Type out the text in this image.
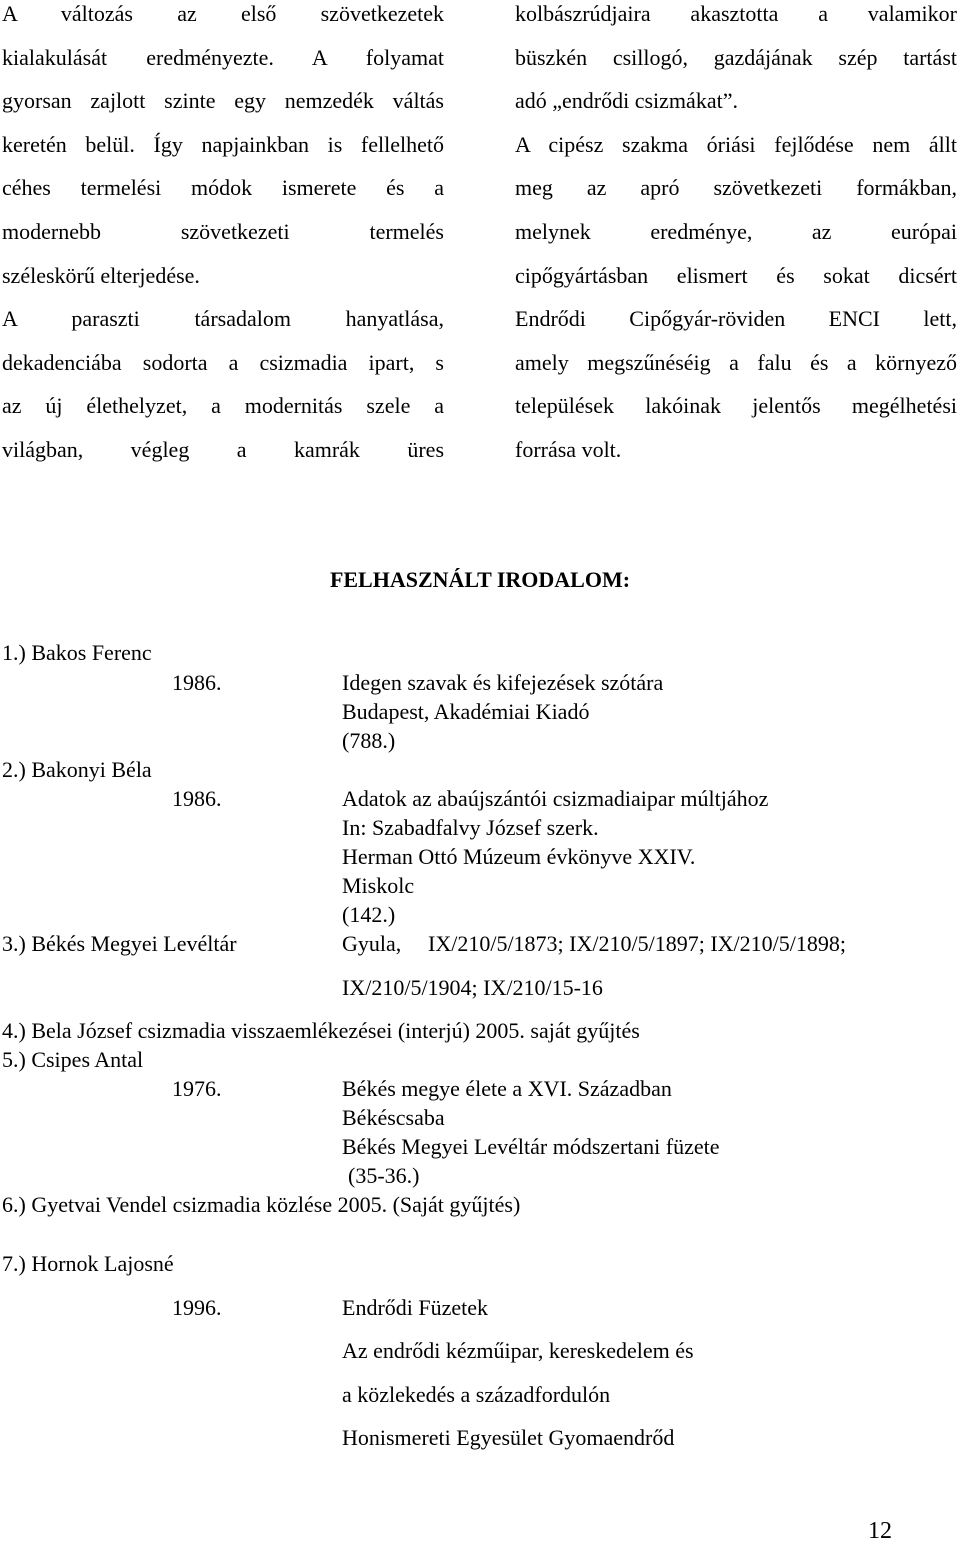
A változás az első szövetkezetek
kialakulását eredményezte. A folyamat
gyorsan zajlott szinte egy nemzedék váltás
keretén belül. Így napjainkban is fellelhető
céhes termelési módok ismerete és a
modernebb szövetkezeti termelés
széleskörű elterjedése.
A paraszti társadalom hanyatlása,
dekadenciába sodorta a csizmadia ipart, s
az új élethelyzet, a modernitás szele a
világban, végleg a kamrák üres
kolbászrúdjaira akasztotta a valamikor
büszkén csillogó, gazdájának szép tartást
adó „endrődi csizmákat”.
A cipész szakma óriási fejlődése nem állt
meg az apró szövetkezeti formákban,
melynek eredménye, az európai
cipőgyártásban elismert és sokat dicsért
Endrődi Cipőgyár-röviden ENCI lett,
amely megszűnéséig a falu és a környező
települések lakóinak jelentős megélhetési
forrása volt.
FELHASZNÁLT IRODALOM:
1.) Bakos Ferenc
1986.	Idegen szavak és kifejezések szótára
Budapest, Akadémiai Kiadó
(788.)
2.) Bakonyi Béla
1986.	Adatok az abaújszántói csizmadiaipar múltjához
In: Szabadfalvy József szerk.
Herman Ottó Múzeum évkönyve XXIV.
Miskolc
(142.)
3.) Békés Megyei Levéltár	Gyula, IX/210/5/1873; IX/210/5/1897; IX/210/5/1898;
IX/210/5/1904; IX/210/15-16
4.) Bela József csizmadia visszaemlékezései (interjú) 2005. saját gyűjtés
5.) Csipes Antal
1976.	Békés megye élete a XVI. Században
Békéscsaba
Békés Megyei Levéltár módszertani füzete
(35-36.)
6.) Gyetvai Vendel csizmadia közlése 2005. (Saját gyűjtés)
7.) Hornok Lajosné
1996.	Endrődi Füzetek
Az endrődi kézműipar, kereskedelem és
a közlekedés a századfordulón
Honismereti Egyesület Gyomaendrőd
12
